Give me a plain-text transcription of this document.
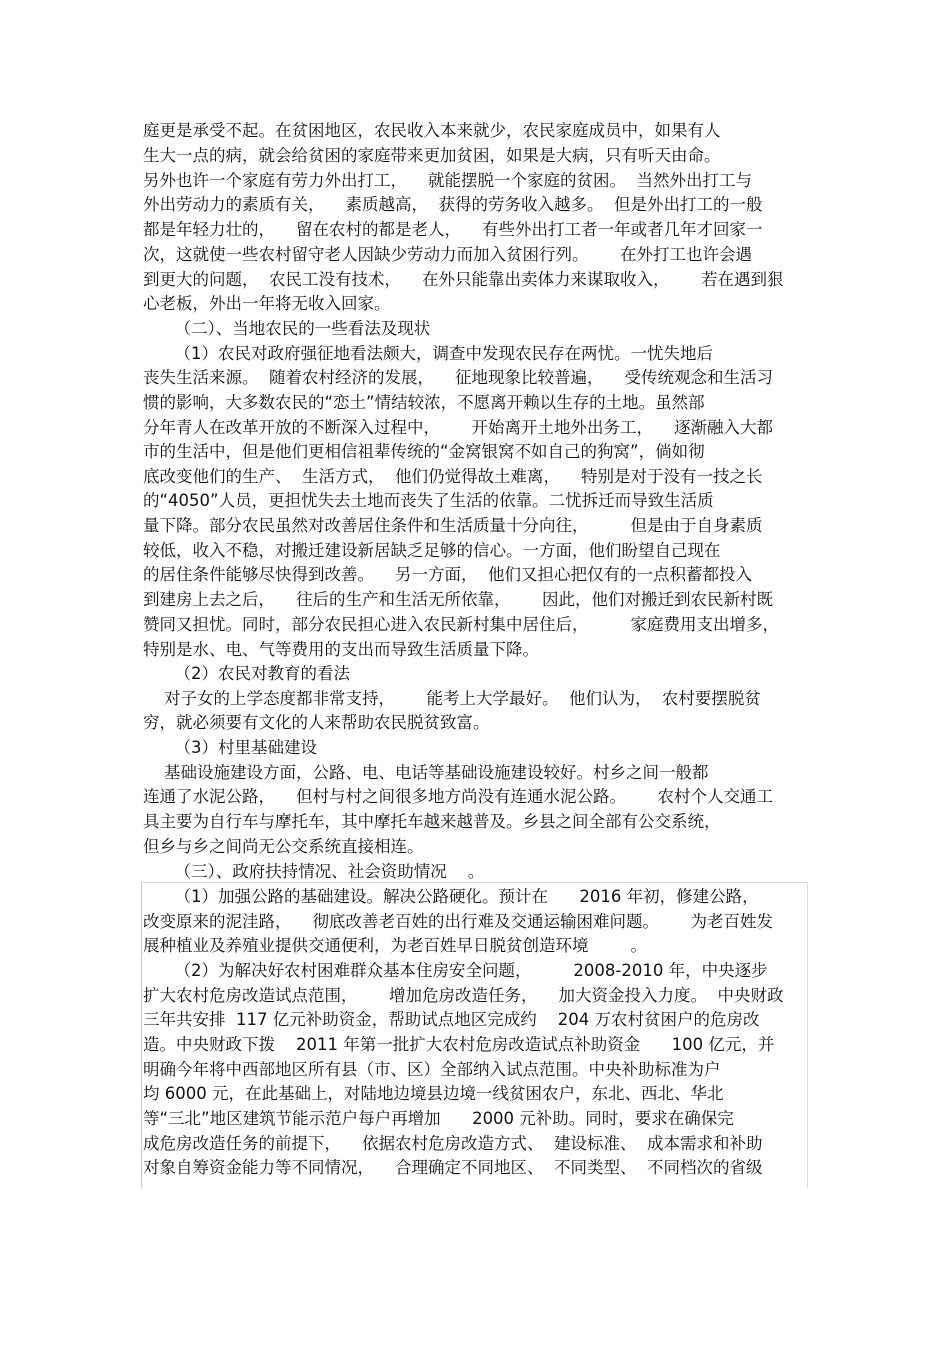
庭更是承受不起。在贫困地区，农民收入本来就少，农民家庭成员中，如果有人
生大一点的病，就会给贫困的家庭带来更加贫困，如果是大病，只有听天由命。
另外也许一个家庭有劳力外出打工，    就能摆脱一个家庭的贫困。  当然外出打工与
外出劳动力的素质有关，    素质越高，  获得的劳务收入越多。  但是外出打工的一般
都是年轻力壮的，    留在农村的都是老人，    有些外出打工者一年或者几年才回家一
次，这就使一些农村留守老人因缺少劳动力而加入贫困行列。      在外打工也许会遇
到更大的问题，  农民工没有技术，    在外只能靠出卖体力来谋取收入，      若在遇到狠
心老板，外出一年将无收入回家。
（二）、当地农民的一些看法及现状
（1）农民对政府强征地看法颇大，调查中发现农民存在两忧。一忧失地后
丧失生活来源。  随着农村经济的发展，    征地现象比较普遍，    受传统观念和生活习
惯的影响，大多数农民的“恋土”情结较浓，不愿离开赖以生存的土地。虽然部
分年青人在改革开放的不断深入过程中，      开始离开土地外出务工，    逐渐融入大都
市的生活中，但是他们更相信祖辈传统的“金窝银窝不如自己的狗窝”，倘如彻
底改变他们的生产、  生活方式，  他们仍觉得故土难离，    特别是对于没有一技之长
的“4050”人员，更担忧失去土地而丧失了生活的依靠。二忧拆迁而导致生活质
量下降。部分农民虽然对改善居住条件和生活质量十分向往，        但是由于自身素质
较低，收入不稳，对搬迁建设新居缺乏足够的信心。一方面，他们盼望自己现在
的居住条件能够尽快得到改善。    另一方面，  他们又担心把仅有的一点积蓄都投入
到建房上去之后，    往后的生产和生活无所依靠，      因此，他们对搬迁到农民新村既
赞同又担忧。同时，部分农民担心进入农民新村集中居住后，        家庭费用支出增多，
特别是水、电、气等费用的支出而导致生活质量下降。
（2）农民对教育的看法
对子女的上学态度都非常支持，      能考上大学最好。  他们认为，  农村要摆脱贫
穷，就必须要有文化的人来帮助农民脱贫致富。
（3）村里基础建设
基础设施建设方面，公路、电、电话等基础设施建设较好。村乡之间一般都
连通了水泥公路，    但村与村之间很多地方尚没有连通水泥公路。      农村个人交通工
具主要为自行车与摩托车，其中摩托车越来越普及。乡县之间全部有公交系统，
但乡与乡之间尚无公交系统直接相连。
（三）、政府扶持情况、社会资助情况    。
（1）加强公路的基础建设。解决公路硬化。预计在      2016 年初，修建公路，
改变原来的泥洼路，    彻底改善老百姓的出行难及交通运输困难问题。      为老百姓发
展种植业及养殖业提供交通便利，为老百姓早日脱贫创造环境        。
（2）为解决好农村困难群众基本住房安全问题，        2008-2010 年，中央逐步
扩大农村危房改造试点范围，      增加危房改造任务，    加大资金投入力度。  中央财政
三年共安排  117 亿元补助资金，帮助试点地区完成约    204 万农村贫困户的危房改
造。中央财政下拨    2011 年第一批扩大农村危房改造试点补助资金      100 亿元，并
明确今年将中西部地区所有县（市、区）全部纳入试点范围。中央补助标准为户
均 6000 元，在此基础上，对陆地边境县边境一线贫困农户，东北、西北、华北
等“三北”地区建筑节能示范户每户再增加      2000 元补助。同时，要求在确保完
成危房改造任务的前提下，    依据农村危房改造方式、  建设标准、  成本需求和补助
对象自筹资金能力等不同情况，    合理确定不同地区、  不同类型、  不同档次的省级
